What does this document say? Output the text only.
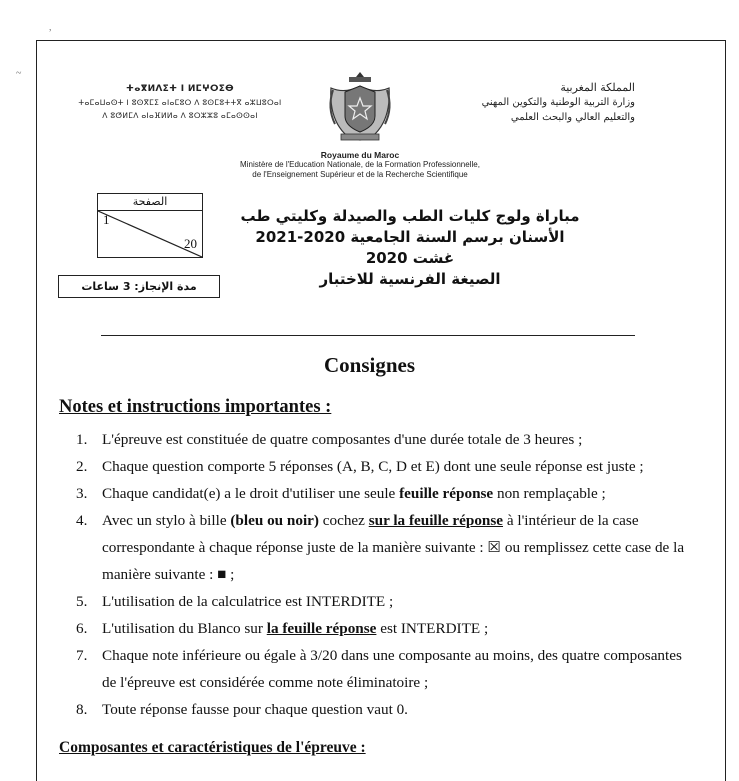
,
~
ⵜⴰⴳⵍⴷⵉⵜ ⵏ ⵍⵎⵖⵔⵉⴱ
ⵜⴰⵎⴰⵡⴰⵙⵜ ⵏ ⵓⵙⴳⵎⵉ ⴰⵏⴰⵎⵓⵔ ⴷ ⵓⵙⵎⵓⵜⵜⴳ ⴰⵣⵡⵓⵔⴰⵏ
ⴷ ⵓⵚⵍⵎⴷ ⴰⵏⴰⴼⵍⵍⴰ ⴷ ⵓⵔⵣⵣⵓ ⴰⵎⴰⵙⵙⴰⵏ
المملكة المغربية
وزارة التربية الوطنية والتكوين المهني
والتعليم العالي والبحث العلمي
Royaume du Maroc
Ministère de l'Education Nationale, de la Formation Professionnelle,
de l'Enseignement Supérieur et de la Recherche Scientifique
الصفحة
1
20
مدة الإنجاز: 3 ساعات
مباراة ولوج كليات الطب والصيدلة وكليتي طب
الأسنان برسم السنة الجامعية 2020-2021
غشت 2020
الصيغة الفرنسية للاختبار
Consignes
Notes et instructions importantes :
1. L'épreuve est constituée de quatre composantes d'une durée totale de 3 heures ;
2. Chaque question comporte 5 réponses (A, B, C, D et E) dont une seule réponse est juste ;
3. Chaque candidat(e) a le droit d'utiliser une seule feuille réponse non remplaçable ;
4. Avec un stylo à bille (bleu ou noir) cochez sur la feuille réponse à l'intérieur de la case correspondante à chaque réponse juste de la manière suivante : ☒ ou remplissez cette case de la manière suivante : ■ ;
5. L'utilisation de la calculatrice est INTERDITE ;
6. L'utilisation du Blanco sur la feuille réponse est INTERDITE ;
7. Chaque note inférieure ou égale à 3/20 dans une composante au moins, des quatre composantes de l'épreuve est considérée comme note éliminatoire ;
8. Toute réponse fausse pour chaque question vaut 0.
Composantes et caractéristiques de l'épreuve :
